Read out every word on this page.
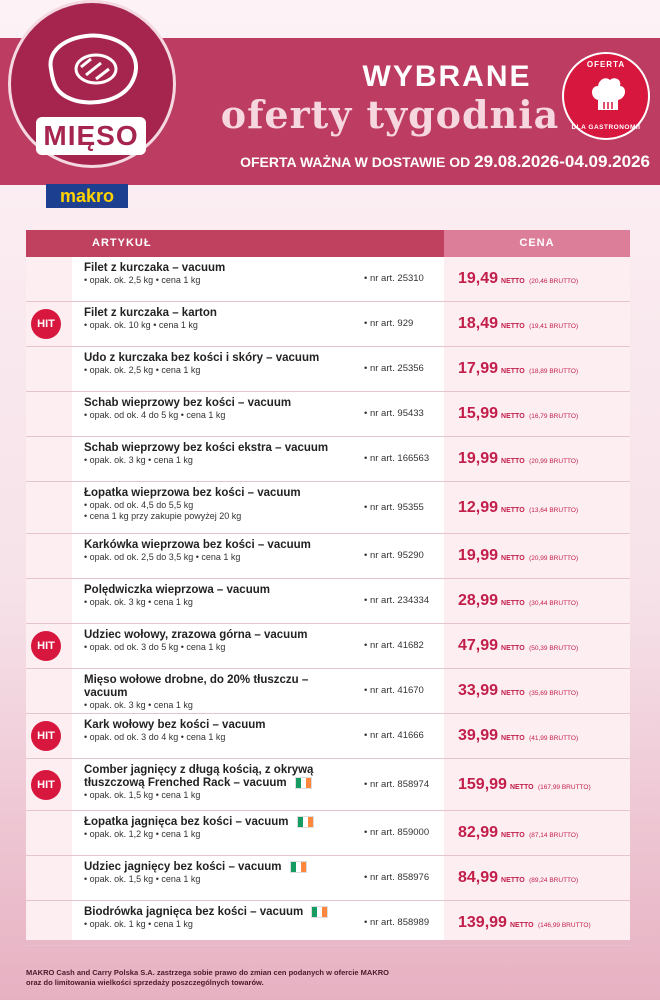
MIĘSO
makro
WYBRANE
oferty tygodnia
OFERTA WAŻNA W DOSTAWIE OD 29.08.2026-04.09.2026
OFERTA
DLA GASTRONOMII
ARTYKUŁ	CENA
Filet z kurczaka – vacuum
• opak. ok. 2,5 kg • cena 1 kg	• nr art. 25310	19,49 NETTO (20,46 BRUTTO)
HIT
Filet z kurczaka – karton
• opak. ok. 10 kg • cena 1 kg	• nr art. 929	18,49 NETTO (19,41 BRUTTO)
Udo z kurczaka bez kości i skóry – vacuum
• opak. ok. 2,5 kg • cena 1 kg	• nr art. 25356	17,99 NETTO (18,89 BRUTTO)
Schab wieprzowy bez kości – vacuum
• opak. od ok. 4 do 5 kg • cena 1 kg	• nr art. 95433	15,99 NETTO (16,79 BRUTTO)
Schab wieprzowy bez kości ekstra – vacuum
• opak. ok. 3 kg • cena 1 kg	• nr art. 166563	19,99 NETTO (20,99 BRUTTO)
Łopatka wieprzowa bez kości – vacuum
• opak. od ok. 4,5 do 5,5 kg
• cena 1 kg przy zakupie powyżej 20 kg
• nr art. 95355	12,99 NETTO (13,64 BRUTTO)
Karkówka wieprzowa bez kości – vacuum
• opak. od ok. 2,5 do 3,5 kg • cena 1 kg	• nr art. 95290	19,99 NETTO (20,99 BRUTTO)
Polędwiczka wieprzowa – vacuum
• opak. ok. 3 kg • cena 1 kg	• nr art. 234334	28,99 NETTO (30,44 BRUTTO)
HIT
Udziec wołowy, zrazowa górna – vacuum
• opak. od ok. 3 do 5 kg • cena 1 kg	• nr art. 41682	47,99 NETTO (50,39 BRUTTO)
Mięso wołowe drobne, do 20% tłuszczu – vacuum
• opak. ok. 3 kg • cena 1 kg
• nr art. 41670	33,99 NETTO (35,69 BRUTTO)
HIT
Kark wołowy bez kości – vacuum
• opak. od ok. 3 do 4 kg • cena 1 kg	• nr art. 41666	39,99 NETTO (41,99 BRUTTO)
HIT
Comber jagnięcy z długą kością, z okrywą tłuszczową Frenched Rack – vacuum
• opak. ok. 1,5 kg • cena 1 kg
• nr art. 858974	159,99 NETTO (167,99 BRUTTO)
Łopatka jagnięca bez kości – vacuum
• opak. ok. 1,2 kg • cena 1 kg	• nr art. 859000	82,99 NETTO (87,14 BRUTTO)
Udziec jagnięcy bez kości – vacuum
• opak. ok. 1,5 kg • cena 1 kg	• nr art. 858976	84,99 NETTO (89,24 BRUTTO)
Biodrówka jagnięca bez kości – vacuum
• opak. ok. 1 kg • cena 1 kg	• nr art. 858989	139,99 NETTO (146,99 BRUTTO)
MAKRO Cash and Carry Polska S.A. zastrzega sobie prawo do zmian cen podanych w ofercie MAKRO
oraz do limitowania wielkości sprzedaży poszczególnych towarów.
